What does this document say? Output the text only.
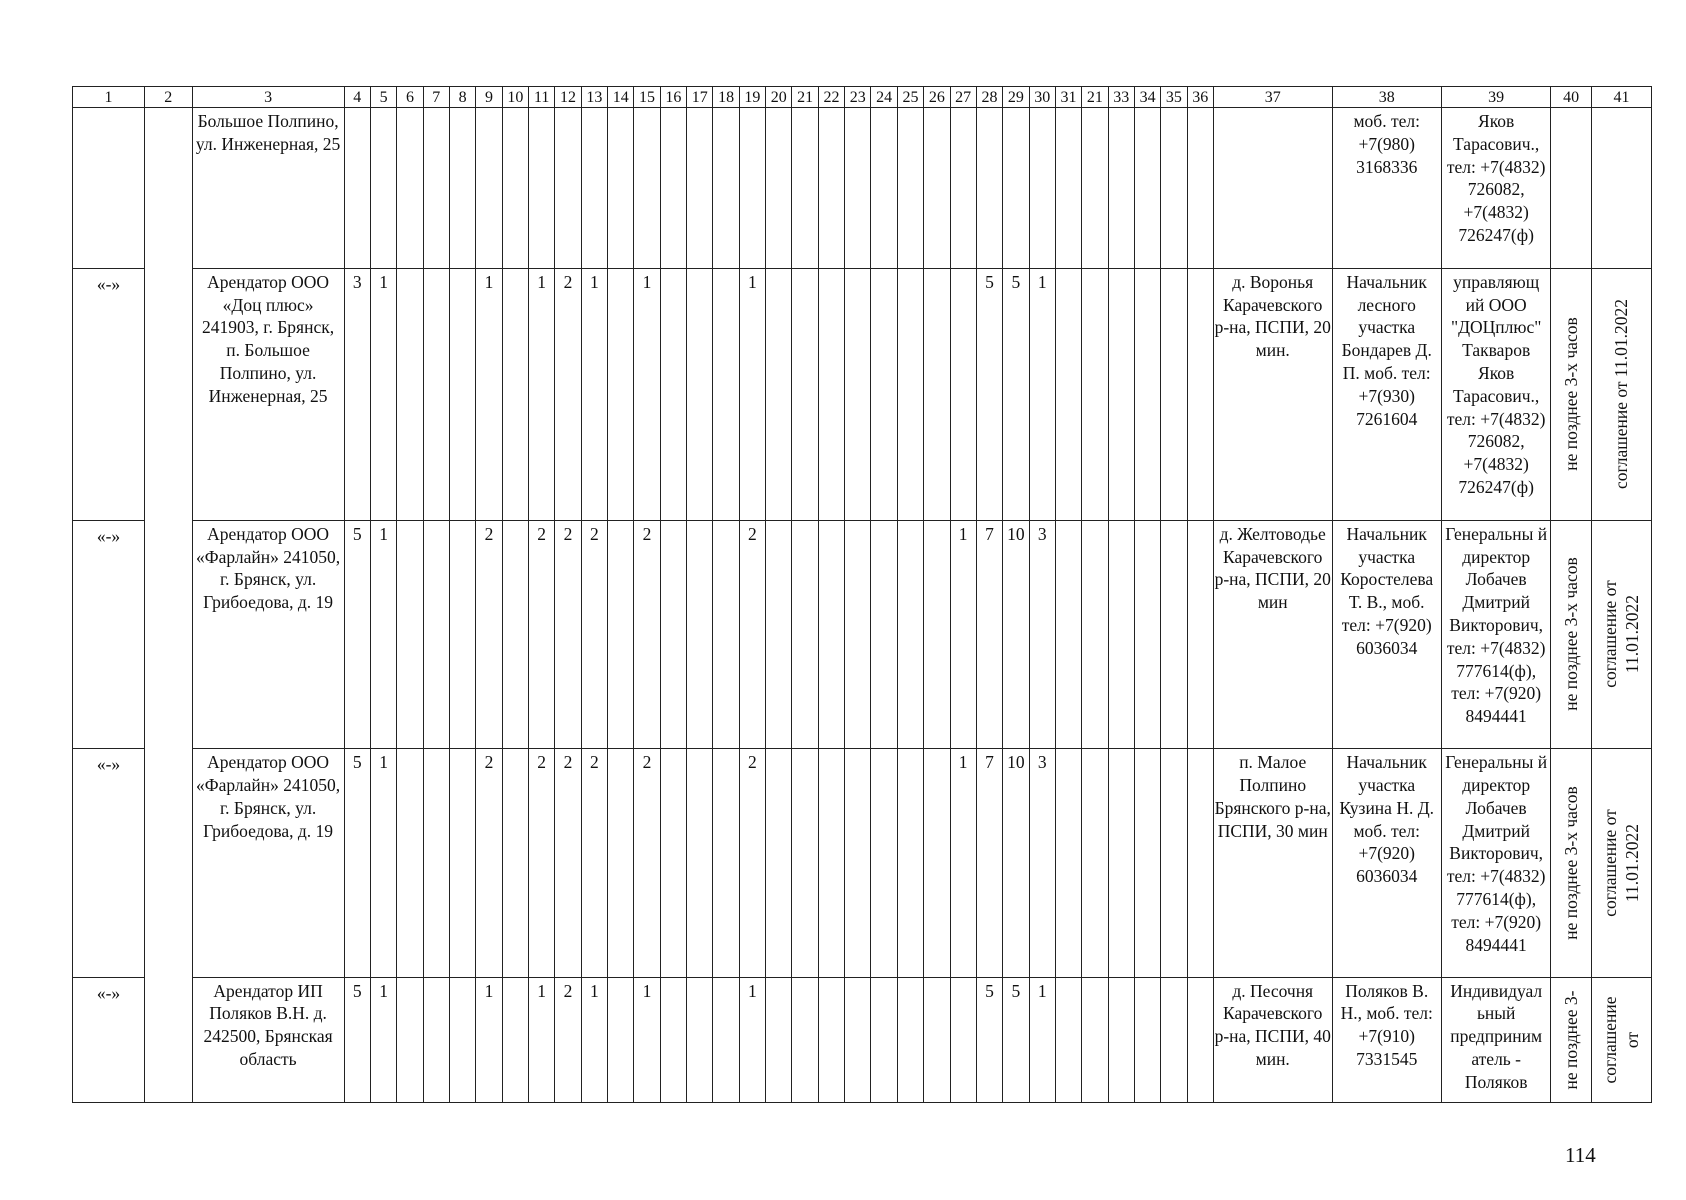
1	2	3	4	5	6	7	8	9	10	11	12	13	14	15	16	17	18	19	20	21	22	23	24	25	26	27	28	29	30	31	21	33	34	35	36	37	38	39	40	41
		Большое Полпино, ул. Инженерная, 25																																			моб. тел: +7(980) 3168336	Яков Тарасович., тел: +7(4832) 726082, +7(4832) 726247(ф)	

«-»		Арендатор ООО «Доц плюс» 241903, г. Брянск, п. Большое Полпино, ул. Инженерная, 25	3	1				1		1	2	1		1				1									5	5	1							д. Воронья Карачевского р-на, ПСПИ, 20 мин.	Начальник лесного участка Бондарев Д. П. моб. тел: +7(930) 7261604	управляющ ий ООО "ДОЦплюс" Такваров Яков Тарасович., тел: +7(4832) 726082, +7(4832) 726247(ф)	не позднее 3-х часов	соглашение от 11.01.2022

«-»		Арендатор ООО «Фарлайн» 241050, г. Брянск, ул. Грибоедова, д. 19	5	1				2		2	2	2		2				2								1	7	10	3							д. Желтоводье Карачевского р-на, ПСПИ, 20 мин	Начальник участка Коростелева Т. В., моб. тел: +7(920) 6036034	Генеральны й директор Лобачев Дмитрий Викторович, тел: +7(4832) 777614(ф), тел: +7(920) 8494441	не позднее 3-х часов	соглашение от 11.01.2022

«-»		Арендатор ООО «Фарлайн» 241050, г. Брянск, ул. Грибоедова, д. 19	5	1				2		2	2	2		2				2								1	7	10	3							п. Малое Полпино Брянского р-на, ПСПИ, 30 мин	Начальник участка Кузина Н. Д. моб. тел: +7(920) 6036034	Генеральны й директор Лобачев Дмитрий Викторович, тел: +7(4832) 777614(ф), тел: +7(920) 8494441	не позднее 3-х часов	соглашение от 11.01.2022

«-»		Арендатор ИП Поляков В.Н. д. 242500, Брянская область	5	1				1		1	2	1		1				1									5	5	1							д. Песочня Карачевского р-на, ПСПИ, 40 мин.	Поляков В. Н., моб. тел: +7(910) 7331545	Индивидуал ьный предприним атель - Поляков	не позднее 3-	соглашение от
114
